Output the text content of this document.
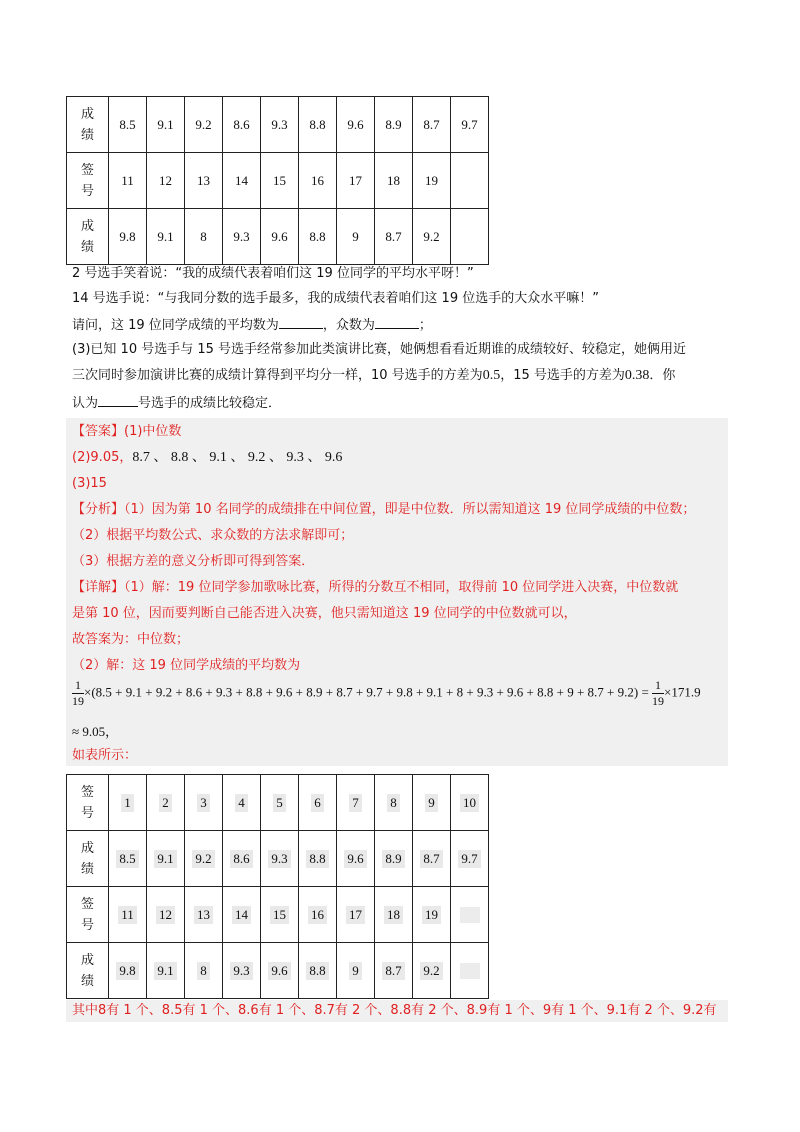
成
绩	8.5	9.1	9.2	8.6	9.3	8.8	9.6	8.9	8.7	9.7
签
号	11	12	13	14	15	16	17	18	19	
成
绩	9.8	9.1	8	9.3	9.6	8.8	9	8.7	9.2	
2 号选手笑着说：“我的成绩代表着咱们这 19 位同学的平均水平呀！”
14 号选手说：“与我同分数的选手最多，我的成绩代表着咱们这 19 位选手的大众水平嘛！”
请问，这 19 位同学成绩的平均数为	，众数为	；
(3)已知 10 号选手与 15 号选手经常参加此类演讲比赛，她俩想看看近期谁的成绩较好、较稳定，她俩用近
三次同时参加演讲比赛的成绩计算得到平均分一样，10 号选手的方差为0.5，15 号选手的方差为0.38．你
认为	号选手的成绩比较稳定．
【答案】(1)中位数
(2)9.05，8.7 、 8.8 、 9.1 、 9.2 、 9.3 、 9.6
(3)15
【分析】（1）因为第 10 名同学的成绩排在中间位置，即是中位数．所以需知道这 19 位同学成绩的中位数；
（2）根据平均数公式、求众数的方法求解即可；
（3）根据方差的意义分析即可得到答案．
【详解】（1）解：19 位同学参加歌咏比赛，所得的分数互不相同，取得前 10 位同学进入决赛，中位数就
是第 10 位，因而要判断自己能否进入决赛，他只需知道这 19 位同学的中位数就可以，
故答案为：中位数；
（2）解：这 19 位同学成绩的平均数为
$\frac{1}{19} \times(8.5 + 9.1 + 9.2 + 8.6 + 9.3 + 8.8 + 9.6 + 8.9 + 8.7 + 9.7 + 9.8 + 9.1 + 8 + 9.3 + 9.6 + 8.8 + 9 + 8.7 + 9.2) = \frac{1}{19} \times 171.9$
≈ 9.05，
如表所示：
签
号	1	2	3	4	5	6	7	8	9	10
成
绩	8.5	9.1	9.2	8.6	9.3	8.8	9.6	8.9	8.7	9.7
签
号	11	12	13	14	15	16	17	18	19	
成
绩	9.8	9.1	8	9.3	9.6	8.8	9	8.7	9.2	
其中8有 1 个、8.5有 1 个、8.6有 1 个、8.7有 2 个、8.8有 2 个、8.9有 1 个、9有 1 个、9.1有 2 个、9.2有
